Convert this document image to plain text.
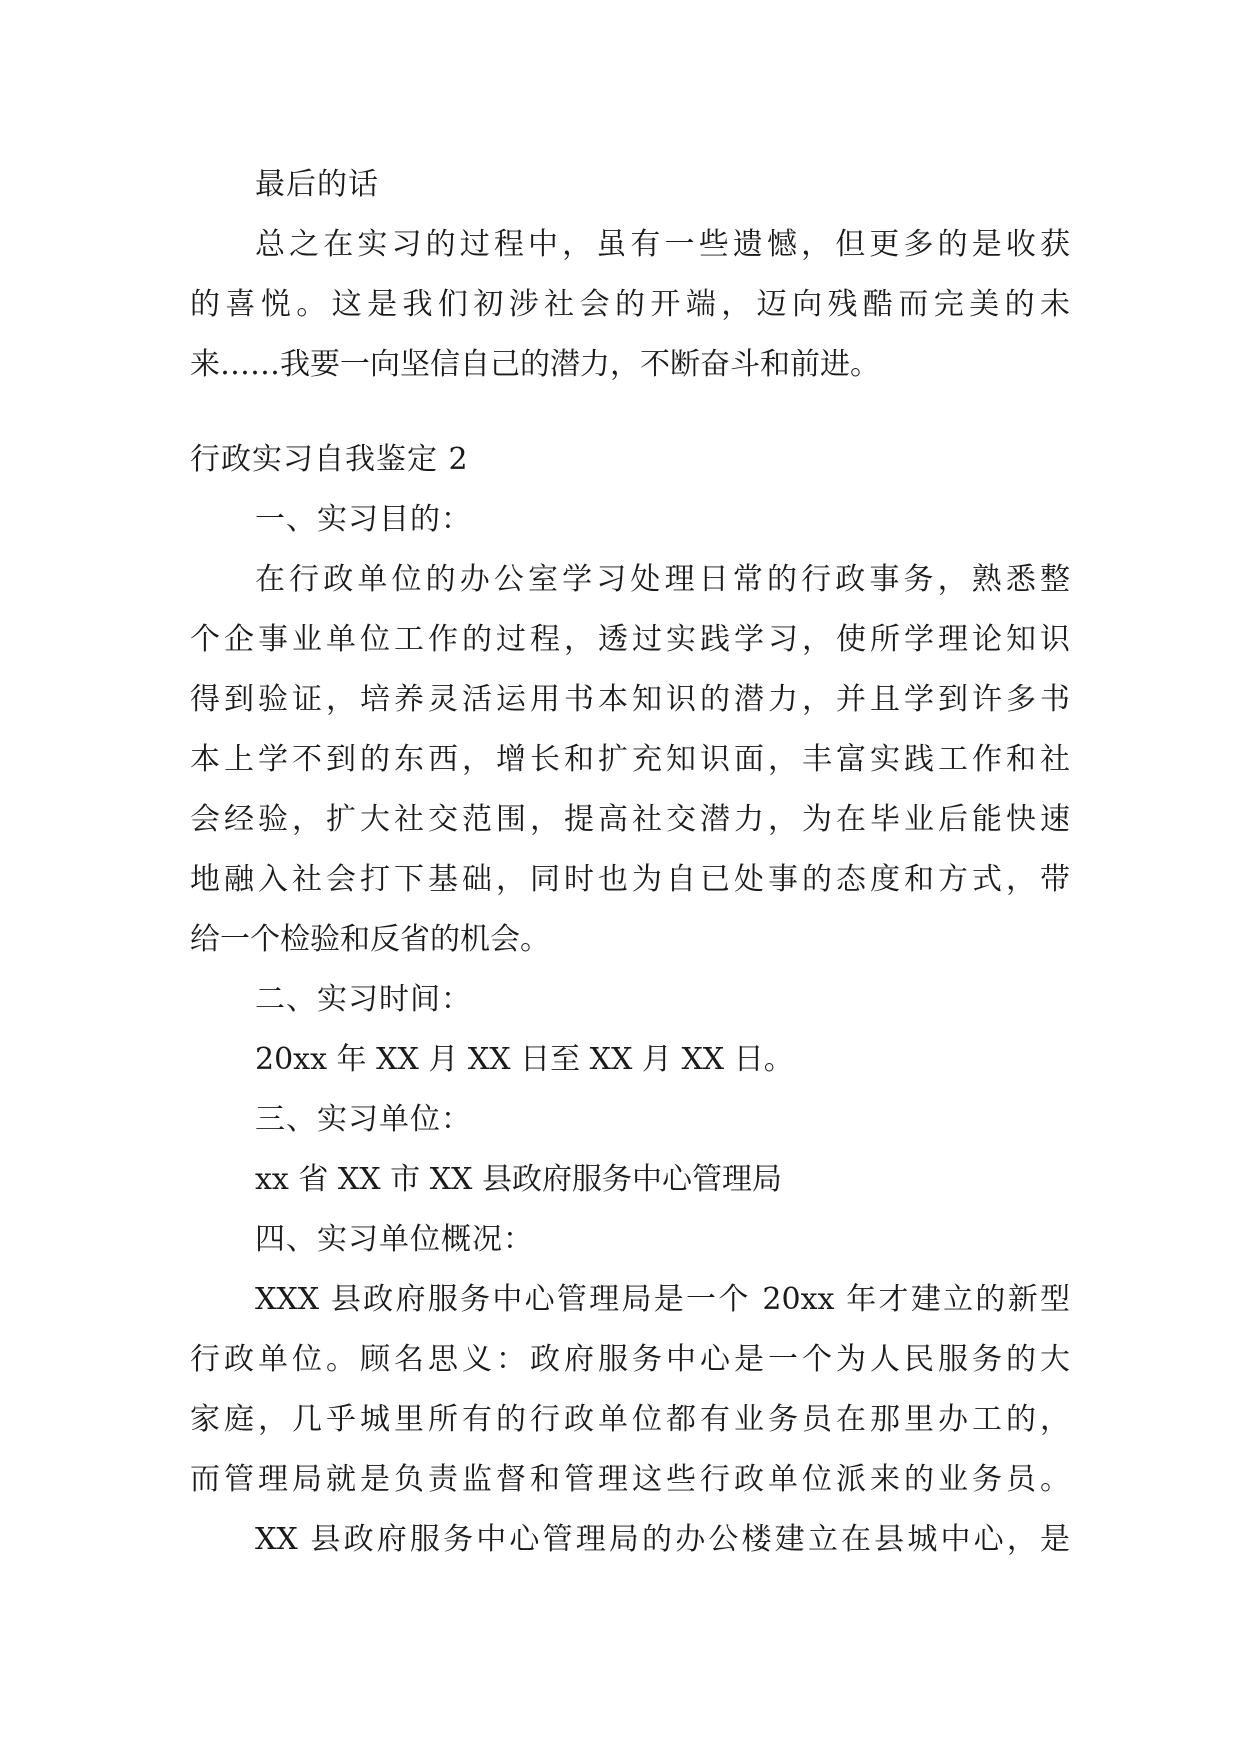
最后的话
总之在实习的过程中，虽有一些遗憾，但更多的是收获
的喜悦。这是我们初涉社会的开端，迈向残酷而完美的未
来……我要一向坚信自己的潜力，不断奋斗和前进。
行政实习自我鉴定 2
一、实习目的：
在行政单位的办公室学习处理日常的行政事务，熟悉整
个企事业单位工作的过程，透过实践学习，使所学理论知识
得到验证，培养灵活运用书本知识的潜力，并且学到许多书
本上学不到的东西，增长和扩充知识面，丰富实践工作和社
会经验，扩大社交范围，提高社交潜力，为在毕业后能快速
地融入社会打下基础，同时也为自已处事的态度和方式，带
给一个检验和反省的机会。
二、实习时间：
20xx 年 XX 月 XX 日至 XX 月 XX 日。
三、实习单位：
xx 省 XX 市 XX 县政府服务中心管理局
四、实习单位概况：
XXX 县政府服务中心管理局是一个 20xx 年才建立的新型
行政单位。顾名思义：政府服务中心是一个为人民服务的大
家庭，几乎城里所有的行政单位都有业务员在那里办工的，
而管理局就是负责监督和管理这些行政单位派来的业务员。
XX 县政府服务中心管理局的办公楼建立在县城中心，是
